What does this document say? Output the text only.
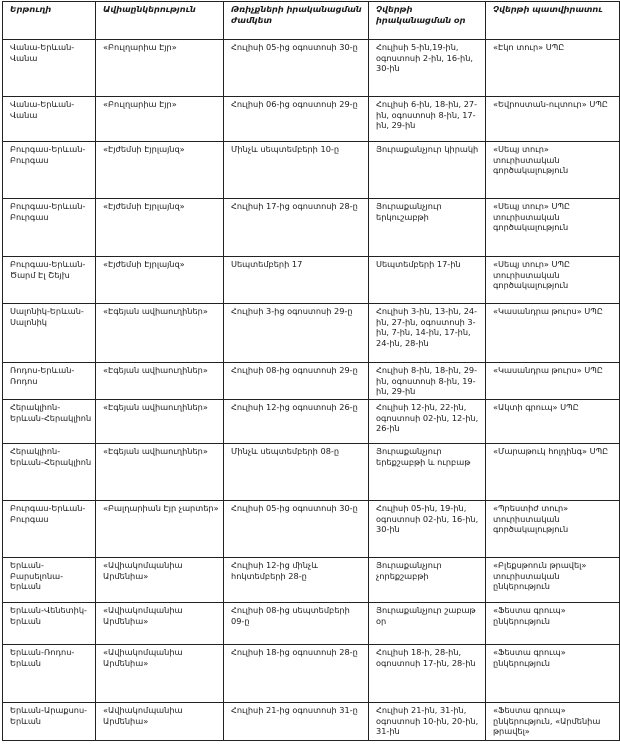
Երթուղի	Ավիաընկերություն	Թռիչքների իրականացման ժամկետ	Չվերթի իրականացման օր	Չվերթի պատվիրատու
Վանա-Երևան-Վանա	«Բուլղարիա Էյր»	Հուլիսի 05-ից օգոստոսի 30-ը	Հուլիսի 5-ին,19-ին, օգոստոսի 2-ին, 16-ին, 30-ին	«Էկո տուր» ՍՊԸ
Վանա-Երևան-Վանա	«Բուլղարիա Էյր»	Հուլիսի 06-ից օգոստոսի 29-ը	Հուլիսի 6-ին, 18-ին, 27-ին, օգոստոսի 8-ին, 17-ին, 29-ին	«Եվրոստան-ուլտուր» ՍՊԸ
Բուրգաս-Երևան-Բուրգաս	«Էյժեմսի Էյրլայնզ»	Մինչև սեպտեմբերի 10-ը	Յուրաքանչյուր կիրակի	«Սեպյ տուր» տուրիստական գործակալություն
Բուրգաս-Երևան-Բուրգաս	«Էյժեմսի Էյրլայնզ»	Հուլիսի 17-ից օգոստոսի 28-ը	Յուրաքանչյուր երկուշաբթի	«Սեպյ տուր» ՍՊԸ տուրիստական գործակալություն
Բուրգաս-Երևան-Ծարմ Էլ Շեյխ	«Էյժեմսի Էյրլայնզ»	Սեպտեմբերի 17	Սեպտեմբերի 17-ին	«Սեպյ տուր» ՍՊԸ տուրիստական գործակալություն
Սալոնիկ-Երևան-Սալոնիկ	«Էգեյան ավիաուղիներ»	Հուլիսի 3-ից օգոստոսի 29-ը	Հուլիսի 3-ին, 13-ին, 24-ին, 27-ին, օգոստոսի 3-ին, 7-ին, 14-ին, 17-ին, 24-ին, 28-ին	«Կասանդրա թուրս» ՍՊԸ
Ռոդոս-Երևան-Ռոդոս	«Էգեյան ավիաուղիներ»	Հուլիսի 08-ից օգոստոսի 29-ը	Հուլիսի 8-ին, 18-ին, 29-ին, օգոստոսի 8-ին, 19-ին, 29-ին	«Կասանդրա թուրս» ՍՊԸ
Հերակլիոն-Երևան-Հերակլիոն	«Էգեյան ավիաուղիներ»	Հուլիսի 12-ից օգոստոսի 26-ը	Հուլիսի 12-ին, 22-ին, օգոստոսի 02-ին, 12-ին, 26-ին	«Ակտի գրուպ» ՍՊԸ
Հերակլիոն-Երևան-Հերակլիոն	«Էգեյան ավիաուղիներ»	Մինչև սեպտեմբերի 08-ը	Յուրաքանչյուր երեքշաբթի և ուրբաթ	«Մարաթուկ հոլդինգ» ՍՊԸ
Բուրգաս-Երևան-Բուրգաս	«Բալղարիան Էյր չարտեր»	Հուլիսի 05-ից օգոստոսի 30-ը	Հուլիսի 05-ին, 19-ին, օգոստոսի 02-ին, 16-ին, 30-ին	«Պրեստիժ տուր» տուրիստական գործակալություն
Երևան-Բարսելոնա-Երևան	«Ավիակոմպանիա Արմենիա»	Հուլիսի 12-ից մինչև հոկտեմբերի 28-ը	Յուրաքանչյուր չորեքշաբթի	«Բլեքսթոուն թրավել» տուրիստական ընկերություն
Երևան-Վենետիկ-Երևան	«Ավիակոմպանիա Արմենիա»	Հուլիսի 08-ից սեպտեմբերի 09-ը	Յուրաքանչյուր շաբաթ օր	«Ֆեստա գրուպ» ընկերություն
Երևան-Ռոդոս-Երևան	«Ավիակոմպանիա Արմենիա»	Հուլիսի 18-ից օգոստոսի 28-ը	Հուլիսի 18-ի, 28-ին, օգոստոսի 17-ին, 28-ին	«Ֆեստա գրուպ» ընկերություն
Երևան-Արաքսոս-Երևան	«Ավիակոմպանիա Արմենիա»	Հուլիսի 21-ից օգոստոսի 31-ը	Հուլիսի 21-ին, 31-ին, օգոստոսի 10-ին, 20-ին, 31-ին	«Ֆեստա գրուպ» ընկերություն, «Արմենիա թրավել»
